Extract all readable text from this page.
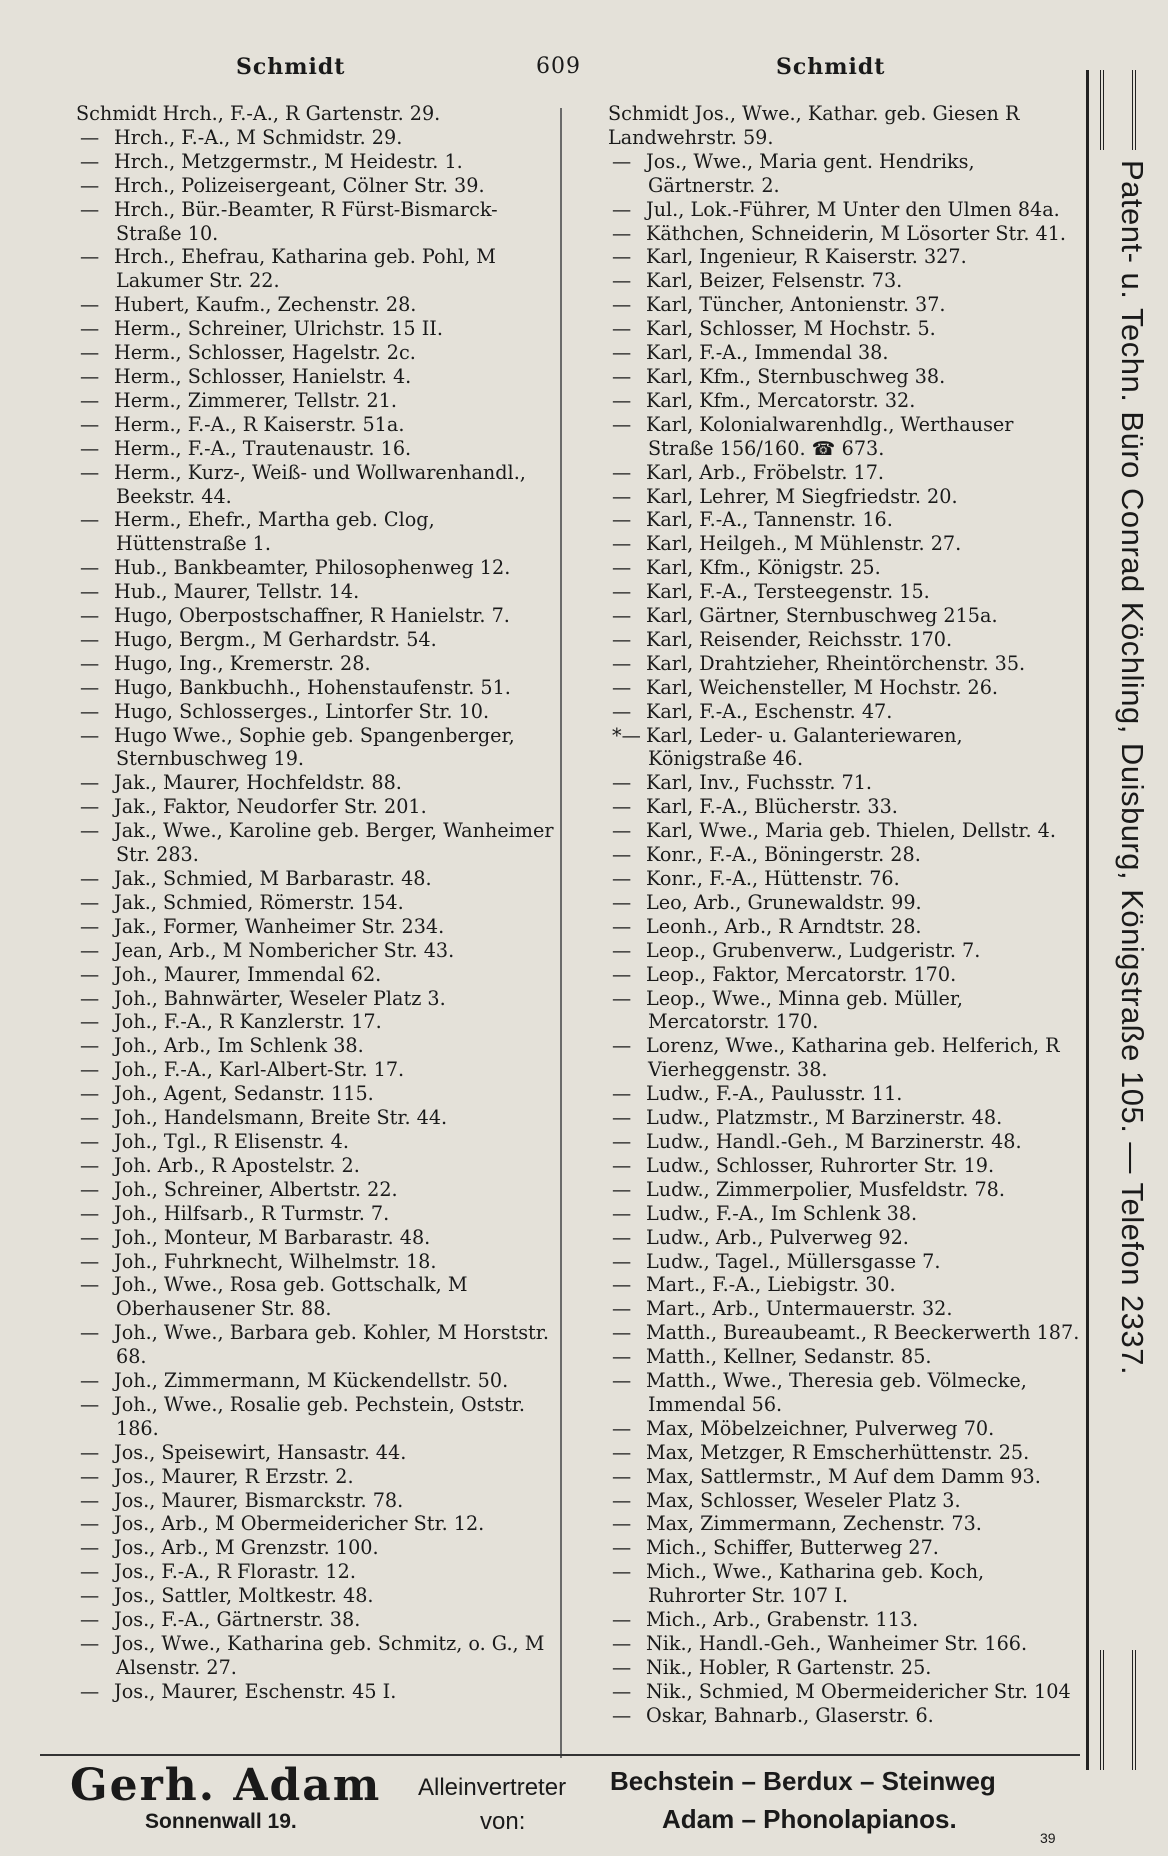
Schmidt	609	Schmidt
Schmidt Hrch., F.-A., R Gartenstr. 29.
— Hrch., F.-A., M Schmidstr. 29.
— Hrch., Metzgermstr., M Heidestr. 1.
— Hrch., Polizeisergeant, Cölner Str. 39.
— Hrch., Bür.-Beamter, R Fürst-Bismarck-Straße 10.
— Hrch., Ehefrau, Katharina geb. Pohl, M Lakumer Str. 22.
— Hubert, Kaufm., Zechenstr. 28.
— Herm., Schreiner, Ulrichstr. 15 II.
— Herm., Schlosser, Hagelstr. 2c.
— Herm., Schlosser, Hanielstr. 4.
— Herm., Zimmerer, Tellstr. 21.
— Herm., F.-A., R Kaiserstr. 51a.
— Herm., F.-A., Trautenaustr. 16.
— Herm., Kurz-, Weiß- und Wollwarenhandl., Beekstr. 44.
— Herm., Ehefr., Martha geb. Clog, Hüttenstraße 1.
— Hub., Bankbeamter, Philosophenweg 12.
— Hub., Maurer, Tellstr. 14.
— Hugo, Oberpostschaffner, R Hanielstr. 7.
— Hugo, Bergm., M Gerhardstr. 54.
— Hugo, Ing., Kremerstr. 28.
— Hugo, Bankbuchh., Hohenstaufenstr. 51.
— Hugo, Schlosserges., Lintorfer Str. 10.
— Hugo Wwe., Sophie geb. Spangenberger, Sternbuschweg 19.
— Jak., Maurer, Hochfeldstr. 88.
— Jak., Faktor, Neudorfer Str. 201.
— Jak., Wwe., Karoline geb. Berger, Wanheimer Str. 283.
— Jak., Schmied, M Barbarastr. 48.
— Jak., Schmied, Römerstr. 154.
— Jak., Former, Wanheimer Str. 234.
— Jean, Arb., M Nombericher Str. 43.
— Joh., Maurer, Immendal 62.
— Joh., Bahnwärter, Weseler Platz 3.
— Joh., F.-A., R Kanzlerstr. 17.
— Joh., Arb., Im Schlenk 38.
— Joh., F.-A., Karl-Albert-Str. 17.
— Joh., Agent, Sedanstr. 115.
— Joh., Handelsmann, Breite Str. 44.
— Joh., Tgl., R Elisenstr. 4.
— Joh. Arb., R Apostelstr. 2.
— Joh., Schreiner, Albertstr. 22.
— Joh., Hilfsarb., R Turmstr. 7.
— Joh., Monteur, M Barbarastr. 48.
— Joh., Fuhrknecht, Wilhelmstr. 18.
— Joh., Wwe., Rosa geb. Gottschalk, M Oberhausener Str. 88.
— Joh., Wwe., Barbara geb. Kohler, M Horststr. 68.
— Joh., Zimmermann, M Kückendellstr. 50.
— Joh., Wwe., Rosalie geb. Pechstein, Oststr. 186.
— Jos., Speisewirt, Hansastr. 44.
— Jos., Maurer, R Erzstr. 2.
— Jos., Maurer, Bismarckstr. 78.
— Jos., Arb., M Obermeidericher Str. 12.
— Jos., Arb., M Grenzstr. 100.
— Jos., F.-A., R Florastr. 12.
— Jos., Sattler, Moltkestr. 48.
— Jos., F.-A., Gärtnerstr. 38.
— Jos., Wwe., Katharina geb. Schmitz, o. G., M Alsenstr. 27.
— Jos., Maurer, Eschenstr. 45 I.
Schmidt Jos., Wwe., Kathar. geb. Giesen R Landwehrstr. 59.
— Jos., Wwe., Maria gent. Hendriks, Gärtnerstr. 2.
— Jul., Lok.-Führer, M Unter den Ulmen 84a.
— Käthchen, Schneiderin, M Lösorter Str. 41.
— Karl, Ingenieur, R Kaiserstr. 327.
— Karl, Beizer, Felsenstr. 73.
— Karl, Tüncher, Antonienstr. 37.
— Karl, Schlosser, M Hochstr. 5.
— Karl, F.-A., Immendal 38.
— Karl, Kfm., Sternbuschweg 38.
— Karl, Kfm., Mercatorstr. 32.
— Karl, Kolonialwarenhdlg., Werthauser Straße 156/160. ☎ 673.
— Karl, Arb., Fröbelstr. 17.
— Karl, Lehrer, M Siegfriedstr. 20.
— Karl, F.-A., Tannenstr. 16.
— Karl, Heilgeh., M Mühlenstr. 27.
— Karl, Kfm., Königstr. 25.
— Karl, F.-A., Tersteegenstr. 15.
— Karl, Gärtner, Sternbuschweg 215a.
— Karl, Reisender, Reichsstr. 170.
— Karl, Drahtzieher, Rheintörchenstr. 35.
— Karl, Weichensteller, M Hochstr. 26.
— Karl, F.-A., Eschenstr. 47.
*— Karl, Leder- u. Galanteriewaren, Königstraße 46.
— Karl, Inv., Fuchsstr. 71.
— Karl, F.-A., Blücherstr. 33.
— Karl, Wwe., Maria geb. Thielen, Dellstr. 4.
— Konr., F.-A., Böningerstr. 28.
— Konr., F.-A., Hüttenstr. 76.
— Leo, Arb., Grunewaldstr. 99.
— Leonh., Arb., R Arndtstr. 28.
— Leop., Grubenverw., Ludgeristr. 7.
— Leop., Faktor, Mercatorstr. 170.
— Leop., Wwe., Minna geb. Müller, Mercatorstr. 170.
— Lorenz, Wwe., Katharina geb. Helferich, R Vierheggenstr. 38.
— Ludw., F.-A., Paulusstr. 11.
— Ludw., Platzmstr., M Barzinerstr. 48.
— Ludw., Handl.-Geh., M Barzinerstr. 48.
— Ludw., Schlosser, Ruhrorter Str. 19.
— Ludw., Zimmerpolier, Musfeldstr. 78.
— Ludw., F.-A., Im Schlenk 38.
— Ludw., Arb., Pulverweg 92.
— Ludw., Tagel., Müllersgasse 7.
— Mart., F.-A., Liebigstr. 30.
— Mart., Arb., Untermauerstr. 32.
— Matth., Bureaubeamt., R Beeckerwerth 187.
— Matth., Kellner, Sedanstr. 85.
— Matth., Wwe., Theresia geb. Völmecke, Immendal 56.
— Max, Möbelzeichner, Pulverweg 70.
— Max, Metzger, R Emscherhüttenstr. 25.
— Max, Sattlermstr., M Auf dem Damm 93.
— Max, Schlosser, Weseler Platz 3.
— Max, Zimmermann, Zechenstr. 73.
— Mich., Schiffer, Butterweg 27.
— Mich., Wwe., Katharina geb. Koch, Ruhrorter Str. 107 I.
— Mich., Arb., Grabenstr. 113.
— Nik., Handl.-Geh., Wanheimer Str. 166.
— Nik., Hobler, R Gartenstr. 25.
— Nik., Schmied, M Obermeidericher Str. 104
— Oskar, Bahnarb., Glaserstr. 6.
Patent- u. Techn. Büro Conrad Köchling, Duisburg, Königstraße 105. — Telefon 2337.
Gerh. Adam
Sonnenwall 19.
Alleinvertreter
von:
Bechstein – Berdux – Steinweg
Adam – Phonolapianos.
39
